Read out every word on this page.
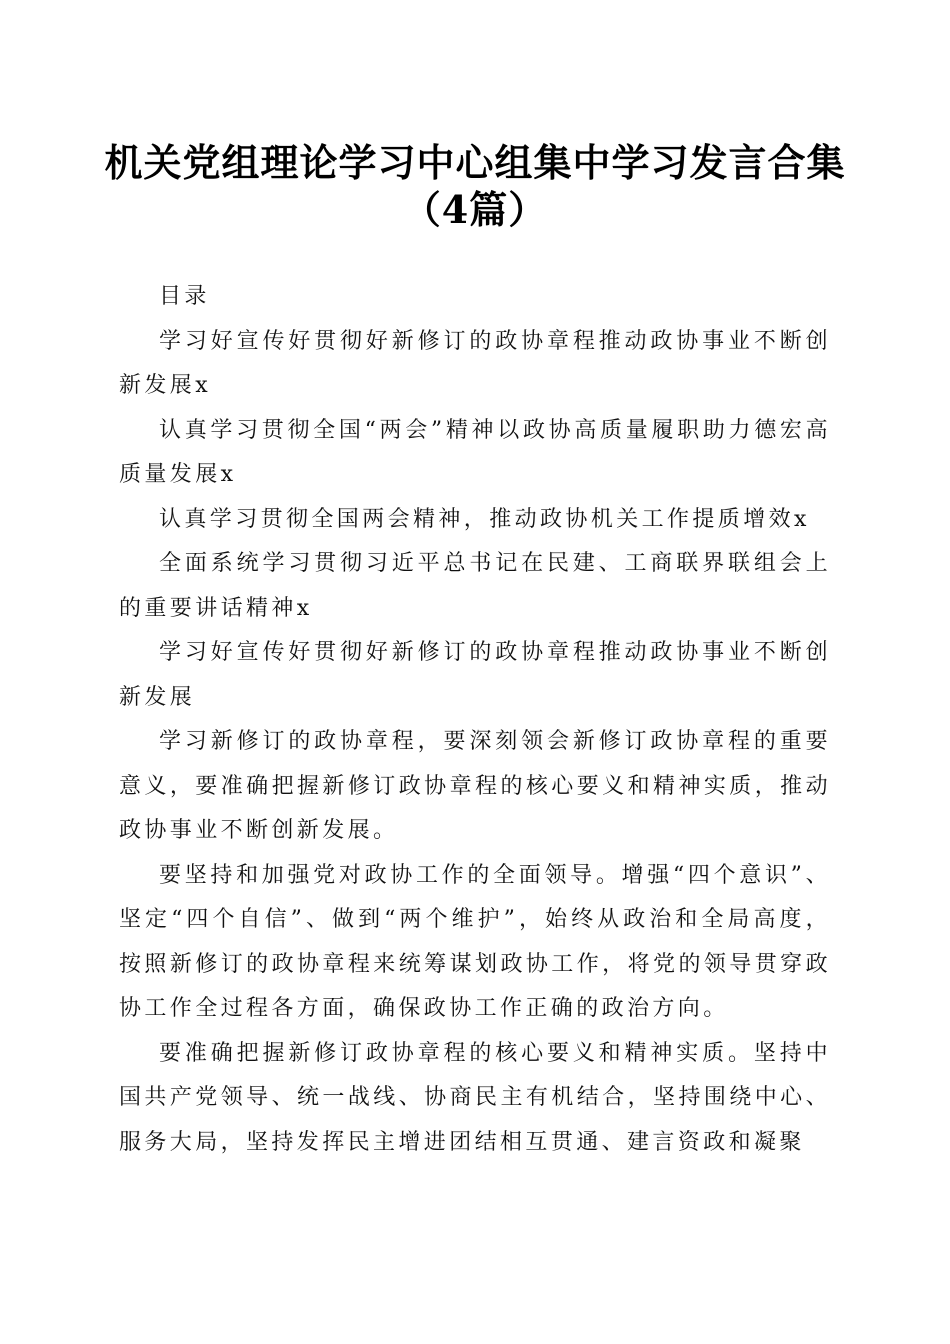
机关党组理论学习中心组集中学习发言合集
（4篇）

目录

学习好宣传好贯彻好新修订的政协章程推动政协事业不断创新发展x

认真学习贯彻全国“两会”精神以政协高质量履职助力德宏高质量发展x

认真学习贯彻全国两会精神，推动政协机关工作提质增效x

全面系统学习贯彻习近平总书记在民建、工商联界联组会上的重要讲话精神x

学习好宣传好贯彻好新修订的政协章程推动政协事业不断创新发展

学习新修订的政协章程，要深刻领会新修订政协章程的重要意义，要准确把握新修订政协章程的核心要义和精神实质，推动政协事业不断创新发展。

要坚持和加强党对政协工作的全面领导。增强“四个意识”、坚定“四个自信”、做到“两个维护”，始终从政治和全局高度，按照新修订的政协章程来统筹谋划政协工作，将党的领导贯穿政协工作全过程各方面，确保政协工作正确的政治方向。

要准确把握新修订政协章程的核心要义和精神实质。坚持中国共产党领导、统一战线、协商民主有机结合，坚持围绕中心、服务大局，坚持发挥民主增进团结相互贯通、建言资政和凝聚
